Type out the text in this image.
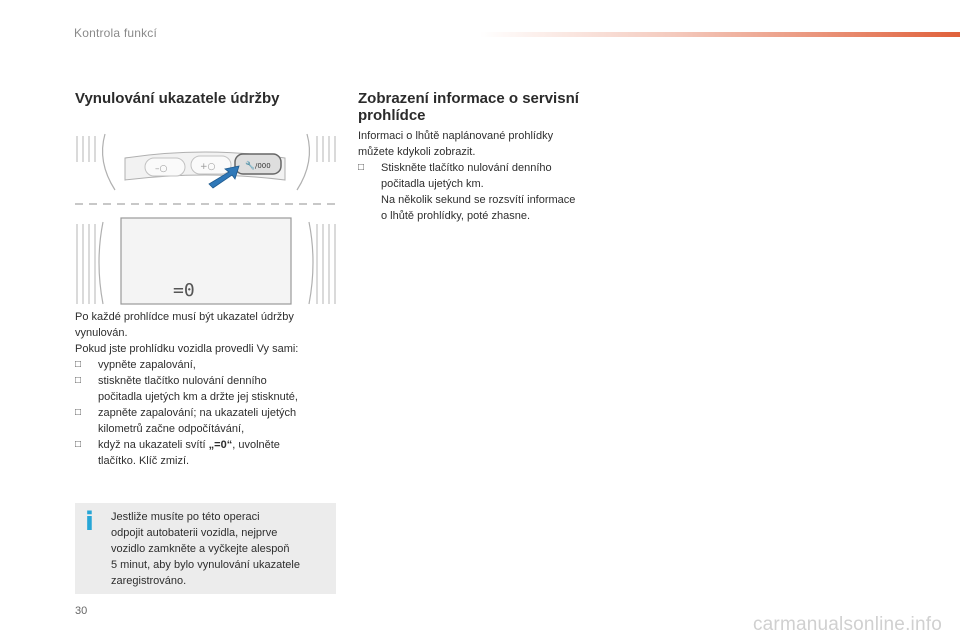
Kontrola funkcí
Vynulování ukazatele údržby
–○	+○	🔧 /000
=0

Po každé prohlídce musí být ukazatel údržby

vynulován.

Pokud jste prohlídku vozidla provedli Vy sami:

□ vypněte zapalování,

□ stiskněte tlačítko nulování denního

počitadla ujetých km a držte jej stisknuté,

□ zapněte zapalování; na ukazateli ujetých

kilometrů začne odpočítávání,

□ když na ukazateli svítí „=0“, uvolněte

tlačítko. Klíč zmizí.

i	Jestliže musíte po této operaci

odpojit autobaterii vozidla, nejprve

vozidlo zamkněte a vyčkejte alespoň

5 minut, aby bylo vynulování ukazatele

zaregistrováno.

Zobrazení informace o servisní
prohlídce

Informaci o lhůtě naplánované prohlídky

můžete kdykoli zobrazit.

□ Stiskněte tlačítko nulování denního

počitadla ujetých km.

Na několik sekund se rozsvítí informace

o lhůtě prohlídky, poté zhasne.

30
carmanualsonline.info
